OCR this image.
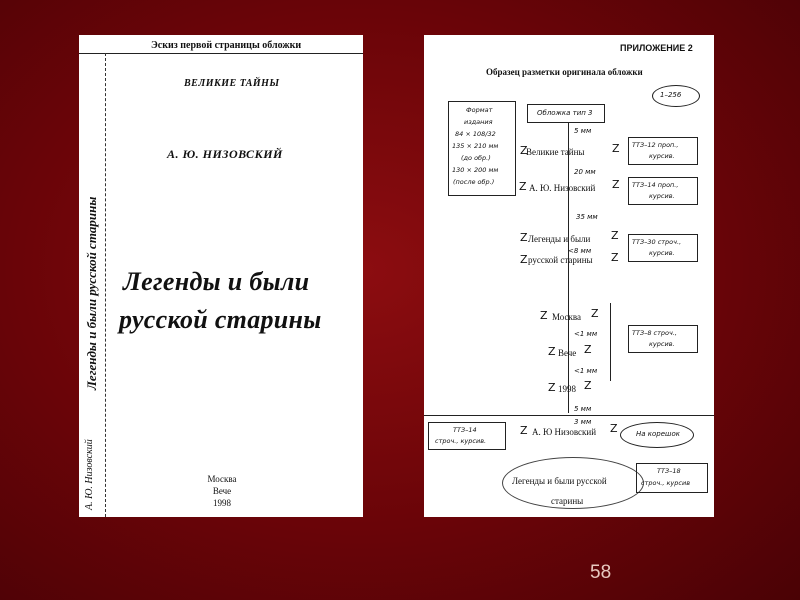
Эскиз первой страницы обложки
Легенды и были русской старины
А. Ю. Низовский
ВЕЛИКИЕ ТАЙНЫ
А. Ю. НИЗОВСКИЙ
Легенды и были
русской старины
Москва
Вече
1998
ПРИЛОЖЕНИЕ 2
Образец разметки оригинала обложки
1–256
Формат
издания
84 × 108/32
135 × 210 мм
(до обр.)
130 × 200 мм
(после обр.)
Обложка тип 3
5 мм
Великие тайны
Z	Z ТТЗ–12 проп.,
курсив.
20 мм
А. Ю. Низовский
Z	Z ТТЗ–14 проп.,
курсив.
35 мм
Легенды и были
<8 мм
русской старины
Z	Z
Z	Z
ТТЗ–30 строч.,
курсив.
Москва
Z	Z
<1 мм
Вече
Z	Z
<1 мм
1998
Z	Z
ТТЗ–8 строч.,
курсив.
5 мм
3 мм
ТТЗ–14
строч., курсив.
А. Ю Низовский
Z	Z	На корешок
Легенды и были русской
старины
ТТЗ–18
строч., курсив
58
